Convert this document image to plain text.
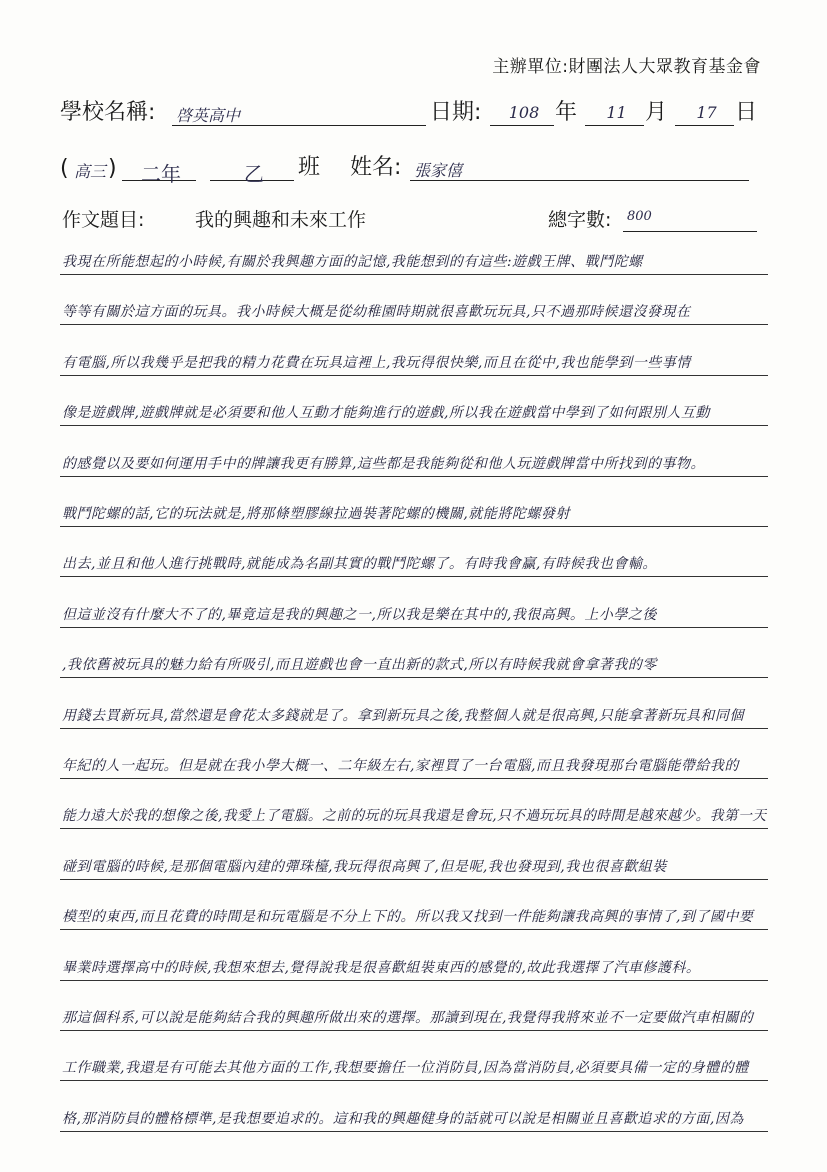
主辦單位:財團法人大眾教育基金會
學校名稱: 啓英高中	日期:	108 年	11 月	17 日
( 高三 )	二年	乙	班 姓名: 張家僖
作文題目:	我的興趣和未來工作	總字數:	800
我現在所能想起的小時候,有關於我興趣方面的記憶,我能想到的有這些:遊戲王牌、戰鬥陀螺
等等有關於這方面的玩具。我小時候大概是從幼稚園時期就很喜歡玩玩具,只不過那時候還沒發現在
有電腦,所以我幾乎是把我的精力花費在玩具這裡上,我玩得很快樂,而且在從中,我也能學到一些事情
像是遊戲牌,遊戲牌就是必須要和他人互動才能夠進行的遊戲,所以我在遊戲當中學到了如何跟別人互動
的感覺以及要如何運用手中的牌讓我更有勝算,這些都是我能夠從和他人玩遊戲牌當中所找到的事物。
戰鬥陀螺的話,它的玩法就是,將那條塑膠線拉過裝著陀螺的機關,就能將陀螺發射
出去,並且和他人進行挑戰時,就能成為名副其實的戰鬥陀螺了。有時我會贏,有時候我也會輸。
但這並沒有什麼大不了的,畢竟這是我的興趣之一,所以我是樂在其中的,我很高興。上小學之後
,我依舊被玩具的魅力給有所吸引,而且遊戲也會一直出新的款式,所以有時候我就會拿著我的零
用錢去買新玩具,當然還是會花太多錢就是了。拿到新玩具之後,我整個人就是很高興,只能拿著新玩具和同個
年紀的人一起玩。但是就在我小學大概一、二年級左右,家裡買了一台電腦,而且我發現那台電腦能帶給我的
能力遠大於我的想像之後,我愛上了電腦。之前的玩的玩具我還是會玩,只不過玩玩具的時間是越來越少。我第一天
碰到電腦的時候,是那個電腦內建的彈珠檯,我玩得很高興了,但是呢,我也發現到,我也很喜歡組裝
模型的東西,而且花費的時間是和玩電腦是不分上下的。所以我又找到一件能夠讓我高興的事情了,到了國中要
畢業時選擇高中的時候,我想來想去,覺得說我是很喜歡組裝東西的感覺的,故此我選擇了汽車修護科。
那這個科系,可以說是能夠結合我的興趣所做出來的選擇。那讀到現在,我覺得我將來並不一定要做汽車相關的
工作職業,我還是有可能去其他方面的工作,我想要擔任一位消防員,因為當消防員,必須要具備一定的身體的體
格,那消防員的體格標準,是我想要追求的。這和我的興趣健身的話就可以說是相關並且喜歡追求的方面,因為
